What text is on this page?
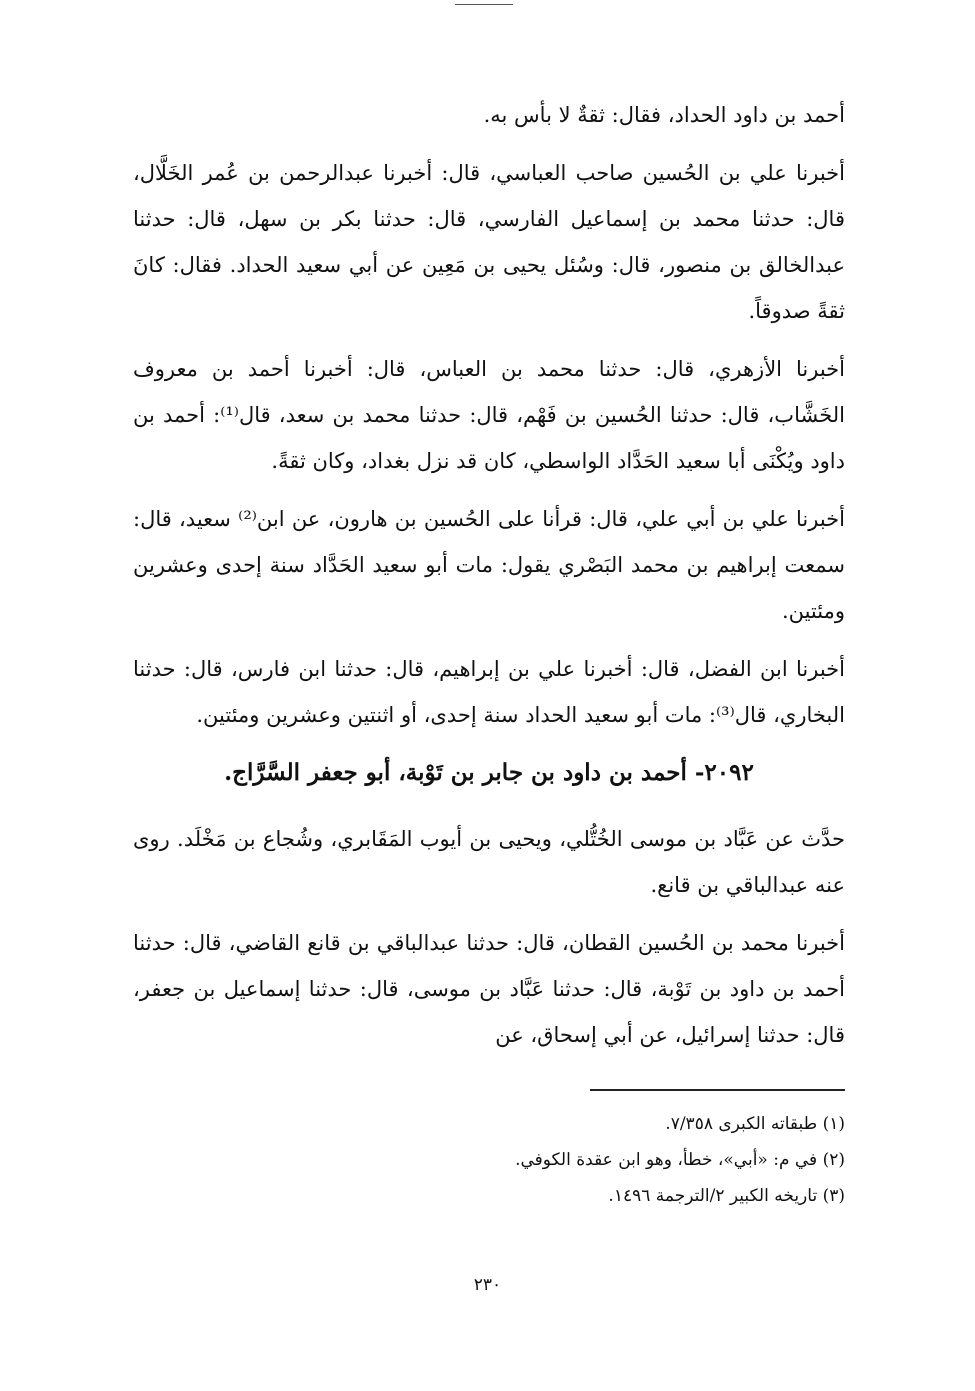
أحمد بن داود الحداد، فقال: ثقةٌ لا بأس به.

أخبرنا علي بن الحُسين صاحب العباسي، قال: أخبرنا عبدالرحمن بن عُمر الخَلَّال، قال: حدثنا محمد بن إسماعيل الفارسي، قال: حدثنا بكر بن سهل، قال: حدثنا عبدالخالق بن منصور، قال: وسُئل يحيى بن مَعِين عن أبي سعيد الحداد. فقال: كانَ ثقةً صدوقاً.

أخبرنا الأزهري، قال: حدثنا محمد بن العباس، قال: أخبرنا أحمد بن معروف الخَشَّاب، قال: حدثنا الحُسين بن فَهْم، قال: حدثنا محمد بن سعد، قال⁽¹⁾: أحمد بن داود ويُكْنَى أبا سعيد الحَدَّاد الواسطي، كان قد نزل بغداد، وكان ثقةً.

أخبرنا علي بن أبي علي، قال: قرأنا على الحُسين بن هارون، عن ابن⁽²⁾ سعيد، قال: سمعت إبراهيم بن محمد البَصْري يقول: مات أبو سعيد الحَدَّاد سنة إحدى وعشرين ومئتين.

أخبرنا ابن الفضل، قال: أخبرنا علي بن إبراهيم، قال: حدثنا ابن فارس، قال: حدثنا البخاري، قال⁽³⁾: مات أبو سعيد الحداد سنة إحدى، أو اثنتين وعشرين ومئتين.

٢٠٩٢- أحمد بن داود بن جابر بن تَوْبة، أبو جعفر السَّرَّاج.

حدَّث عن عَبَّاد بن موسى الخُتُّلي، ويحيى بن أيوب المَقَابري، وشُجاع بن مَخْلَد. روى عنه عبدالباقي بن قانع.

أخبرنا محمد بن الحُسين القطان، قال: حدثنا عبدالباقي بن قانع القاضي، قال: حدثنا أحمد بن داود بن تَوْبة، قال: حدثنا عَبَّاد بن موسى، قال: حدثنا إسماعيل بن جعفر، قال: حدثنا إسرائيل، عن أبي إسحاق، عن

(١) طبقاته الكبرى ٧/٣٥٨.

(٢) في م: «أبي»، خطأ، وهو ابن عقدة الكوفي.

(٣) تاريخه الكبير ٢/الترجمة ١٤٩٦.

٢٣٠
